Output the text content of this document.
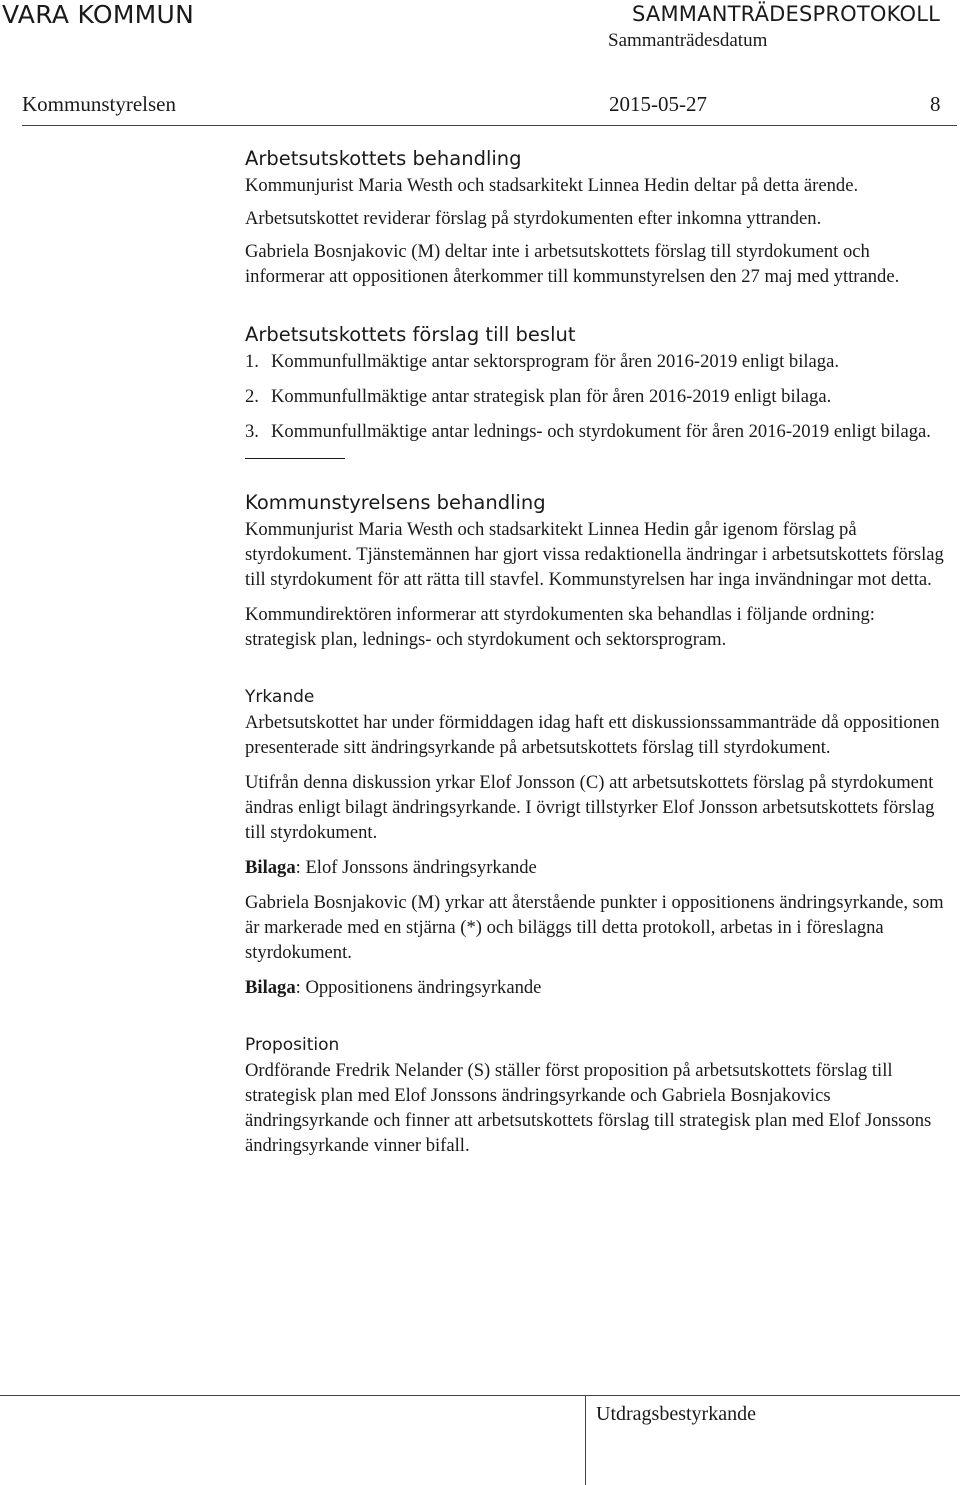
VARA KOMMUN	SAMMANTRÄDESPROTOKOLL
Sammanträdesdatum
Kommunstyrelsen	2015-05-27	8
Arbetsutskottets behandling

Kommunjurist Maria Westh och stadsarkitekt Linnea Hedin deltar på detta ärende.

Arbetsutskottet reviderar förslag på styrdokumenten efter inkomna yttranden.

Gabriela Bosnjakovic (M) deltar inte i arbetsutskottets förslag till styrdokument och informerar att oppositionen återkommer till kommunstyrelsen den 27 maj med yttrande.

Arbetsutskottets förslag till beslut
1. Kommunfullmäktige antar sektorsprogram för åren 2016-2019 enligt bilaga.
2. Kommunfullmäktige antar strategisk plan för åren 2016-2019 enligt bilaga.
3. Kommunfullmäktige antar lednings- och styrdokument för åren 2016-2019 enligt bilaga.
Kommunstyrelsens behandling

Kommunjurist Maria Westh och stadsarkitekt Linnea Hedin går igenom förslag på styrdokument. Tjänstemännen har gjort vissa redaktionella ändringar i arbetsutskottets förslag till styrdokument för att rätta till stavfel. Kommunstyrelsen har inga invändningar mot detta.

Kommundirektören informerar att styrdokumenten ska behandlas i följande ordning: strategisk plan, lednings- och styrdokument och sektorsprogram.

Yrkande

Arbetsutskottet har under förmiddagen idag haft ett diskussionssammanträde då oppositionen presenterade sitt ändringsyrkande på arbetsutskottets förslag till styrdokument.

Utifrån denna diskussion yrkar Elof Jonsson (C) att arbetsutskottets förslag på styrdokument ändras enligt bilagt ändringsyrkande. I övrigt tillstyrker Elof Jonsson arbetsutskottets förslag till styrdokument.

Bilaga: Elof Jonssons ändringsyrkande

Gabriela Bosnjakovic (M) yrkar att återstående punkter i oppositionens ändringsyrkande, som är markerade med en stjärna (*) och biläggs till detta protokoll, arbetas in i föreslagna styrdokument.

Bilaga: Oppositionens ändringsyrkande

Proposition

Ordförande Fredrik Nelander (S) ställer först proposition på arbetsutskottets förslag till strategisk plan med Elof Jonssons ändringsyrkande och Gabriela Bosnjakovics ändringsyrkande och finner att arbetsutskottets förslag till strategisk plan med Elof Jonssons ändringsyrkande vinner bifall.

Utdragsbestyrkande
